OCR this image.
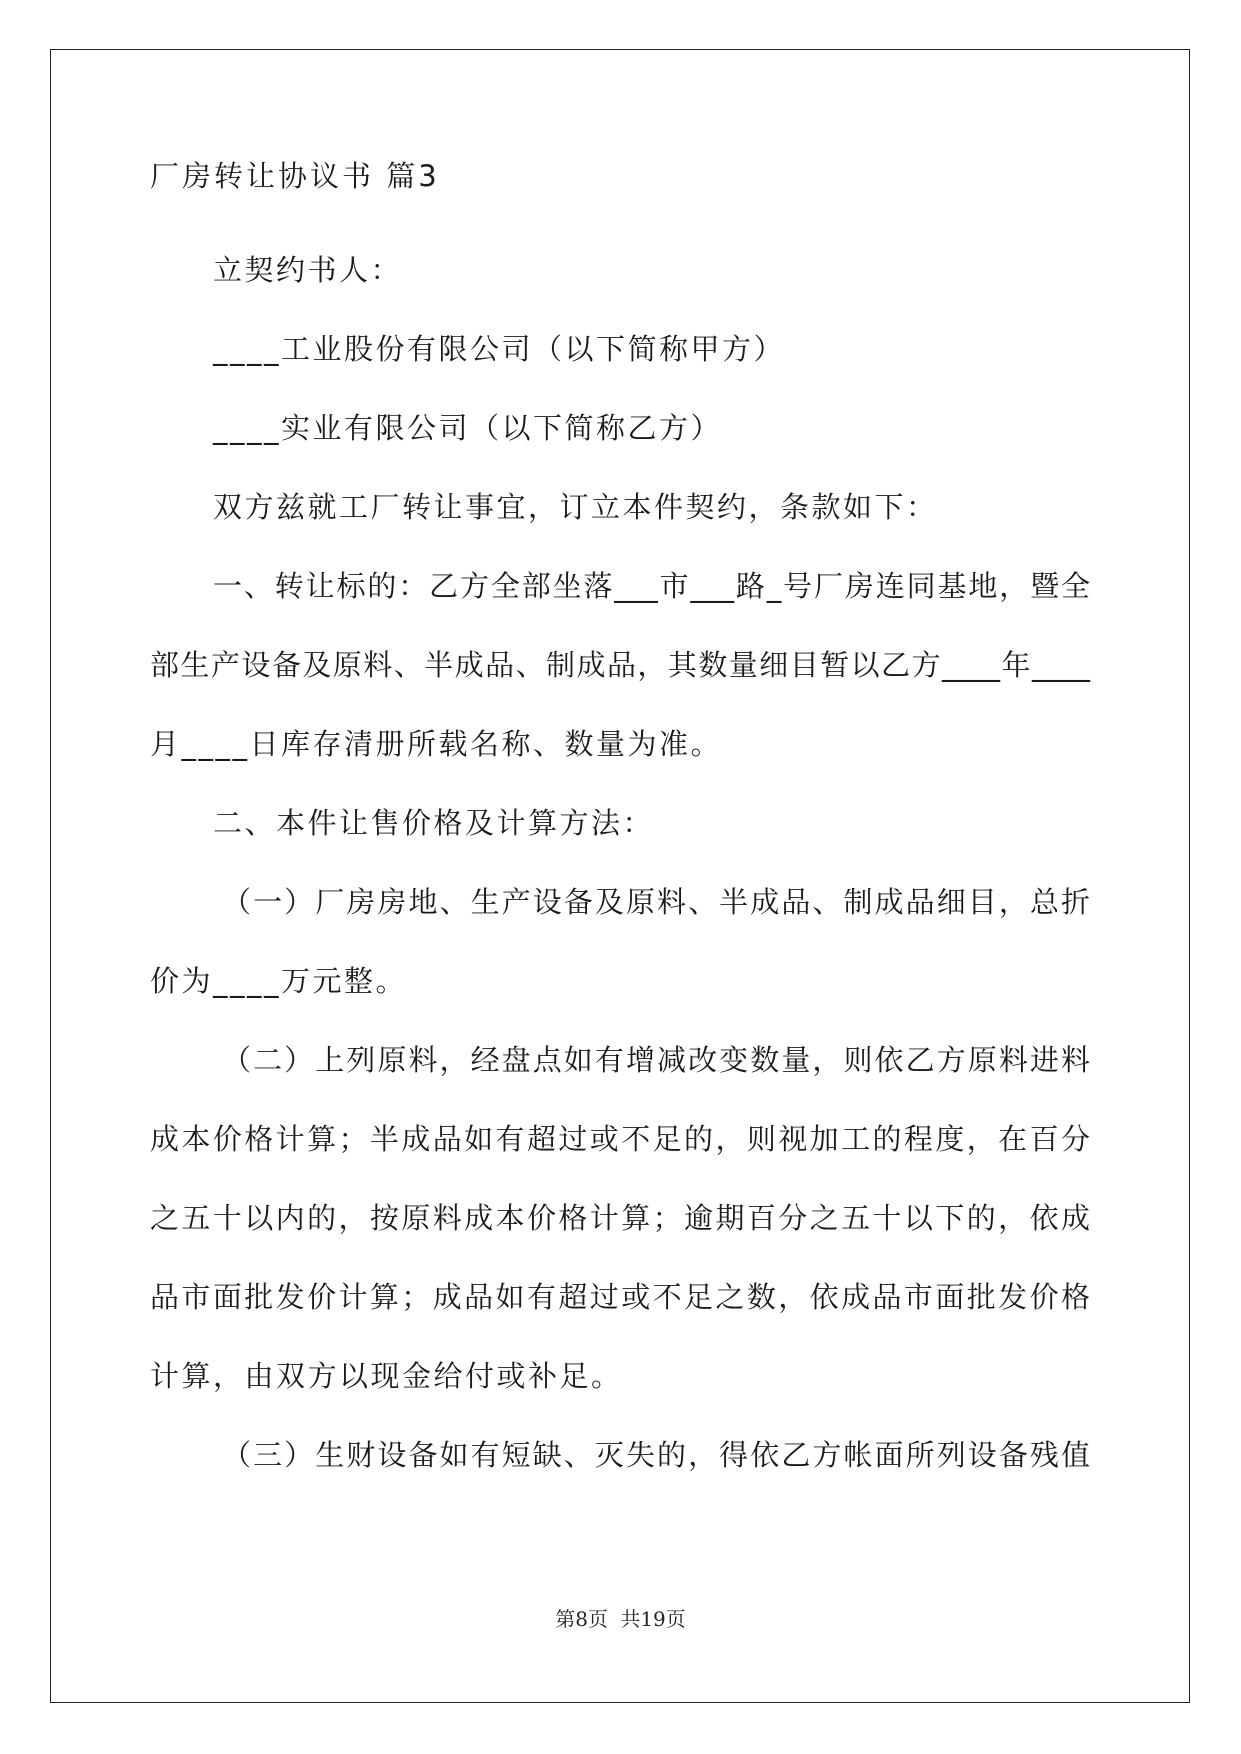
厂房转让协议书 篇3
立契约书人：
____工业股份有限公司（以下简称甲方）
____实业有限公司（以下简称乙方）
双方兹就工厂转让事宜，订立本件契约，条款如下：
一、转让标的：乙方全部坐落___市___路_号厂房连同基地，暨全
部生产设备及原料、半成品、制成品，其数量细目暂以乙方____年____
月____日库存清册所载名称、数量为准。
二、本件让售价格及计算方法：
（一）厂房房地、生产设备及原料、半成品、制成品细目，总折
价为____万元整。
（二）上列原料，经盘点如有增减改变数量，则依乙方原料进料
成本价格计算；半成品如有超过或不足的，则视加工的程度，在百分
之五十以内的，按原料成本价格计算；逾期百分之五十以下的，依成
品市面批发价计算；成品如有超过或不足之数，依成品市面批发价格
计算，由双方以现金给付或补足。
（三）生财设备如有短缺、灭失的，得依乙方帐面所列设备残值
第8页 共19页
